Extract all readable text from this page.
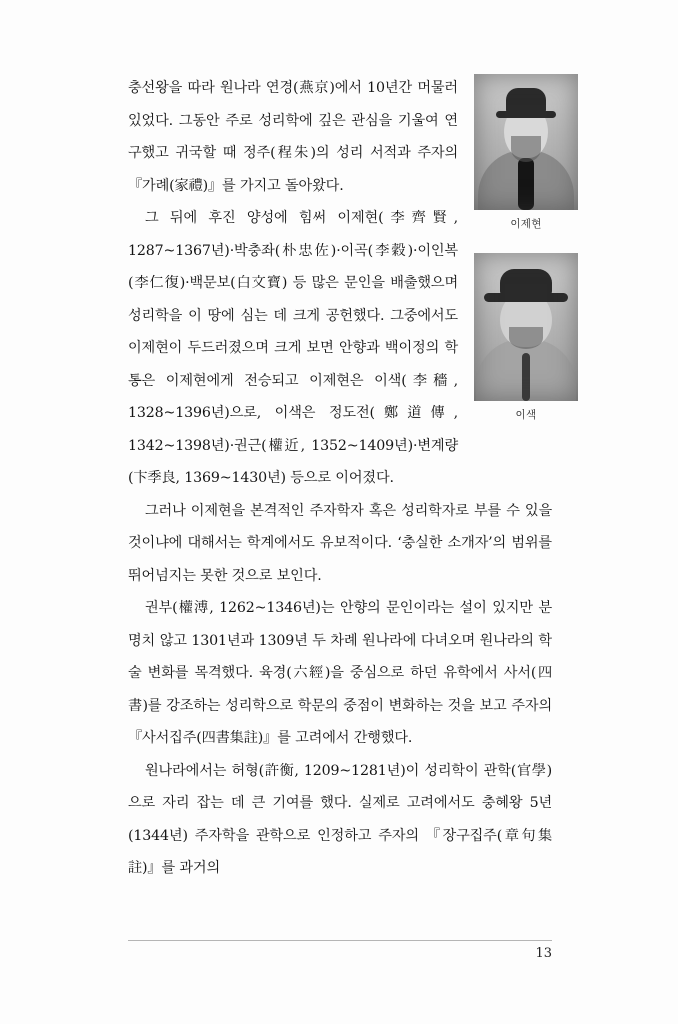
이제현
이색

충선왕을 따라 원나라 연경(燕京)에서 10년간 머물러 있었다. 그동안 주로 성리학에 깊은 관심을 기울여 연구했고 귀국할 때 정주(程朱)의 성리 서적과 주자의 『가례(家禮)』를 가지고 돌아왔다.

그 뒤에 후진 양성에 힘써 이제현(李齊賢, 1287~1367년)·박충좌(朴忠佐)·이곡(李穀)·이인복(李仁復)·백문보(白文寶) 등 많은 문인을 배출했으며 성리학을 이 땅에 심는 데 크게 공헌했다. 그중에서도 이제현이 두드러졌으며 크게 보면 안향과 백이정의 학통은 이제현에게 전승되고 이제현은 이색(李穡, 1328~1396년)으로, 이색은 정도전(鄭道傳, 1342~1398년)·권근(權近, 1352~1409년)·변계량(卞季良, 1369~1430년) 등으로 이어졌다.

그러나 이제현을 본격적인 주자학자 혹은 성리학자로 부를 수 있을 것이냐에 대해서는 학계에서도 유보적이다. ‘충실한 소개자’의 범위를 뛰어넘지는 못한 것으로 보인다.

권부(權溥, 1262~1346년)는 안향의 문인이라는 설이 있지만 분명치 않고 1301년과 1309년 두 차례 원나라에 다녀오며 원나라의 학술 변화를 목격했다. 육경(六經)을 중심으로 하던 유학에서 사서(四書)를 강조하는 성리학으로 학문의 중점이 변화하는 것을 보고 주자의 『사서집주(四書集註)』를 고려에서 간행했다.

원나라에서는 허형(許衡, 1209~1281년)이 성리학이 관학(官學)으로 자리 잡는 데 큰 기여를 했다. 실제로 고려에서도 충혜왕 5년(1344년) 주자학을 관학으로 인정하고 주자의 『장구집주(章句集註)』를 과거의

13
